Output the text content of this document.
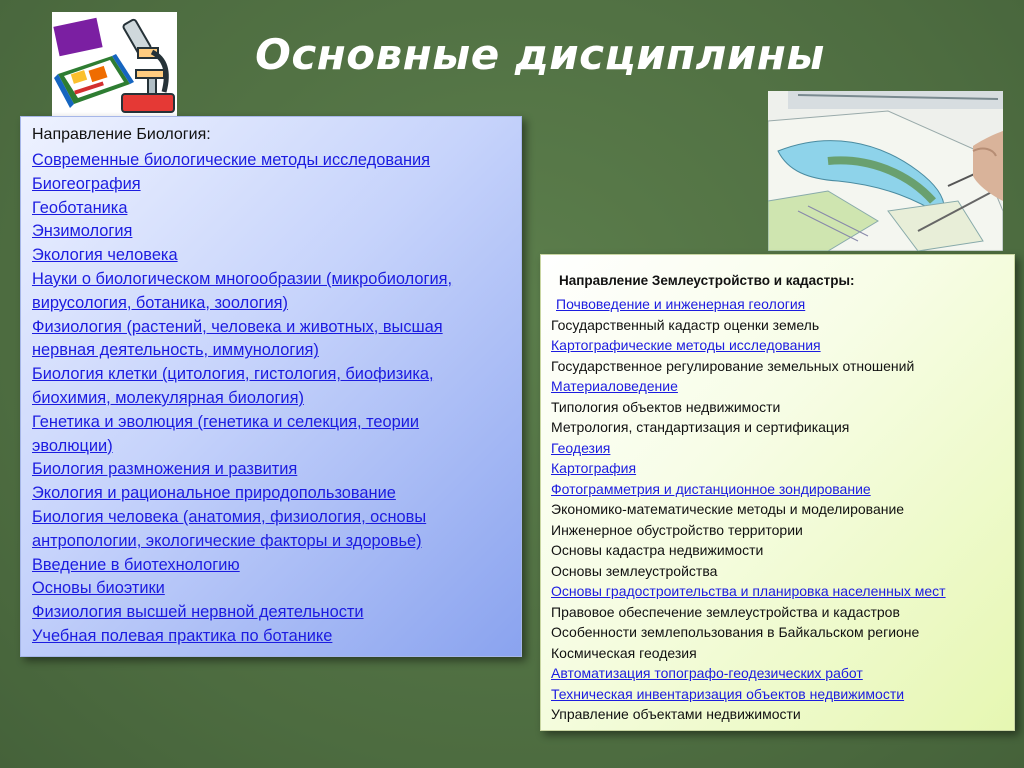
Основные дисциплины
Направление Биология:
Современные биологические методы исследования
Биогеография
Геоботаника
Энзимология
Экология человека
Науки о биологическом многообразии (микробиология,
вирусология, ботаника, зоология)
Физиология (растений, человека и животных, высшая
нервная деятельность, иммунология)
Биология клетки (цитология, гистология, биофизика,
биохимия, молекулярная биология)
Генетика и эволюция (генетика и селекция, теории
эволюции)
Биология размножения и развития
Экология и рациональное природопользование
Биология человека (анатомия, физиология, основы
антропологии, экологические факторы и здоровье)
Введение в биотехнологию
Основы биоэтики
Физиология высшей нервной деятельности
Учебная полевая практика по ботанике
Направление Землеустройство и кадастры:
Почвоведение и инженерная геология
Государственный кадастр оценки земель
Картографические методы исследования
Государственное регулирование земельных отношений
Материаловедение
Типология объектов недвижимости
Метрология, стандартизация и сертификация
Геодезия
Картография
Фотограмметрия и дистанционное зондирование
Экономико-математические методы и моделирование
Инженерное обустройство территории
Основы кадастра недвижимости
Основы землеустройства
Основы градостроительства и планировка населенных мест
Правовое обеспечение землеустройства и кадастров
Особенности землепользования в Байкальском регионе
Космическая геодезия
Автоматизация топографо-геодезических работ
Техническая инвентаризация объектов недвижимости
Управление объектами недвижимости
